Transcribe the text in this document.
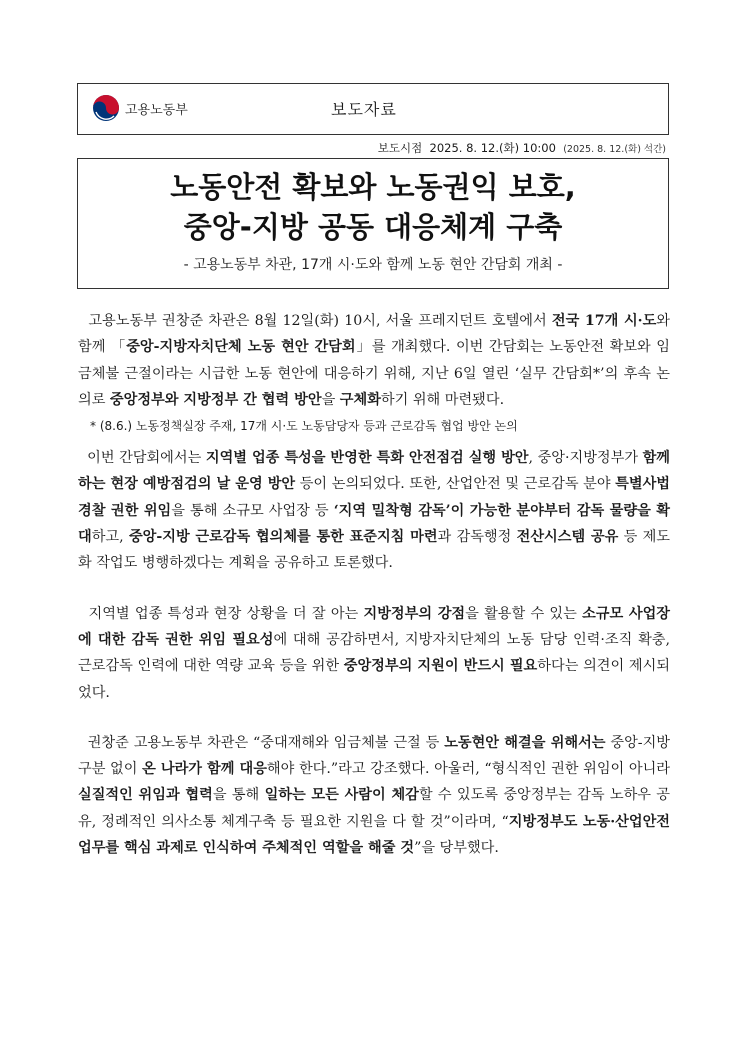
고용노동부	보도자료
보도시점 2025. 8. 12.(화) 10:00 (2025. 8. 12.(화) 석간)
노동안전 확보와 노동권익 보호,
중앙-지방 공동 대응체계 구축
- 고용노동부 차관, 17개 시·도와 함께 노동 현안 간담회 개최 -

고용노동부 권창준 차관은 8월 12일(화) 10시, 서울 프레지던트 호텔에서 전국 17개 시·도와 함께 「중앙-지방자치단체 노동 현안 간담회」를 개최했다. 이번 간담회는 노동안전 확보와 임금체불 근절이라는 시급한 노동 현안에 대응하기 위해, 지난 6일 열린 ‘실무 간담회*’의 후속 논의로 중앙정부와 지방정부 간 협력 방안을 구체화하기 위해 마련됐다.

* (8.6.) 노동정책실장 주재, 17개 시·도 노동담당자 등과 근로감독 협업 방안 논의

이번 간담회에서는 지역별 업종 특성을 반영한 특화 안전점검 실행 방안, 중앙·지방정부가 함께하는 현장 예방점검의 날 운영 방안 등이 논의되었다. 또한, 산업안전 및 근로감독 분야 특별사법경찰 권한 위임을 통해 소규모 사업장 등 ‘지역 밀착형 감독’이 가능한 분야부터 감독 물량을 확대하고, 중앙-지방 근로감독 협의체를 통한 표준지침 마련과 감독행정 전산시스템 공유 등 제도화 작업도 병행하겠다는 계획을 공유하고 토론했다.

지역별 업종 특성과 현장 상황을 더 잘 아는 지방정부의 강점을 활용할 수 있는 소규모 사업장에 대한 감독 권한 위임 필요성에 대해 공감하면서, 지방자치단체의 노동 담당 인력·조직 확충, 근로감독 인력에 대한 역량 교육 등을 위한 중앙정부의 지원이 반드시 필요하다는 의견이 제시되었다.

권창준 고용노동부 차관은 “중대재해와 임금체불 근절 등 노동현안 해결을 위해서는 중앙-지방 구분 없이 온 나라가 함께 대응해야 한다.”라고 강조했다. 아울러, “형식적인 권한 위임이 아니라 실질적인 위임과 협력을 통해 일하는 모든 사람이 체감할 수 있도록 중앙정부는 감독 노하우 공유, 정례적인 의사소통 체계구축 등 필요한 지원을 다 할 것”이라며, “지방정부도 노동·산업안전 업무를 핵심 과제로 인식하여 주체적인 역할을 해줄 것”을 당부했다.
